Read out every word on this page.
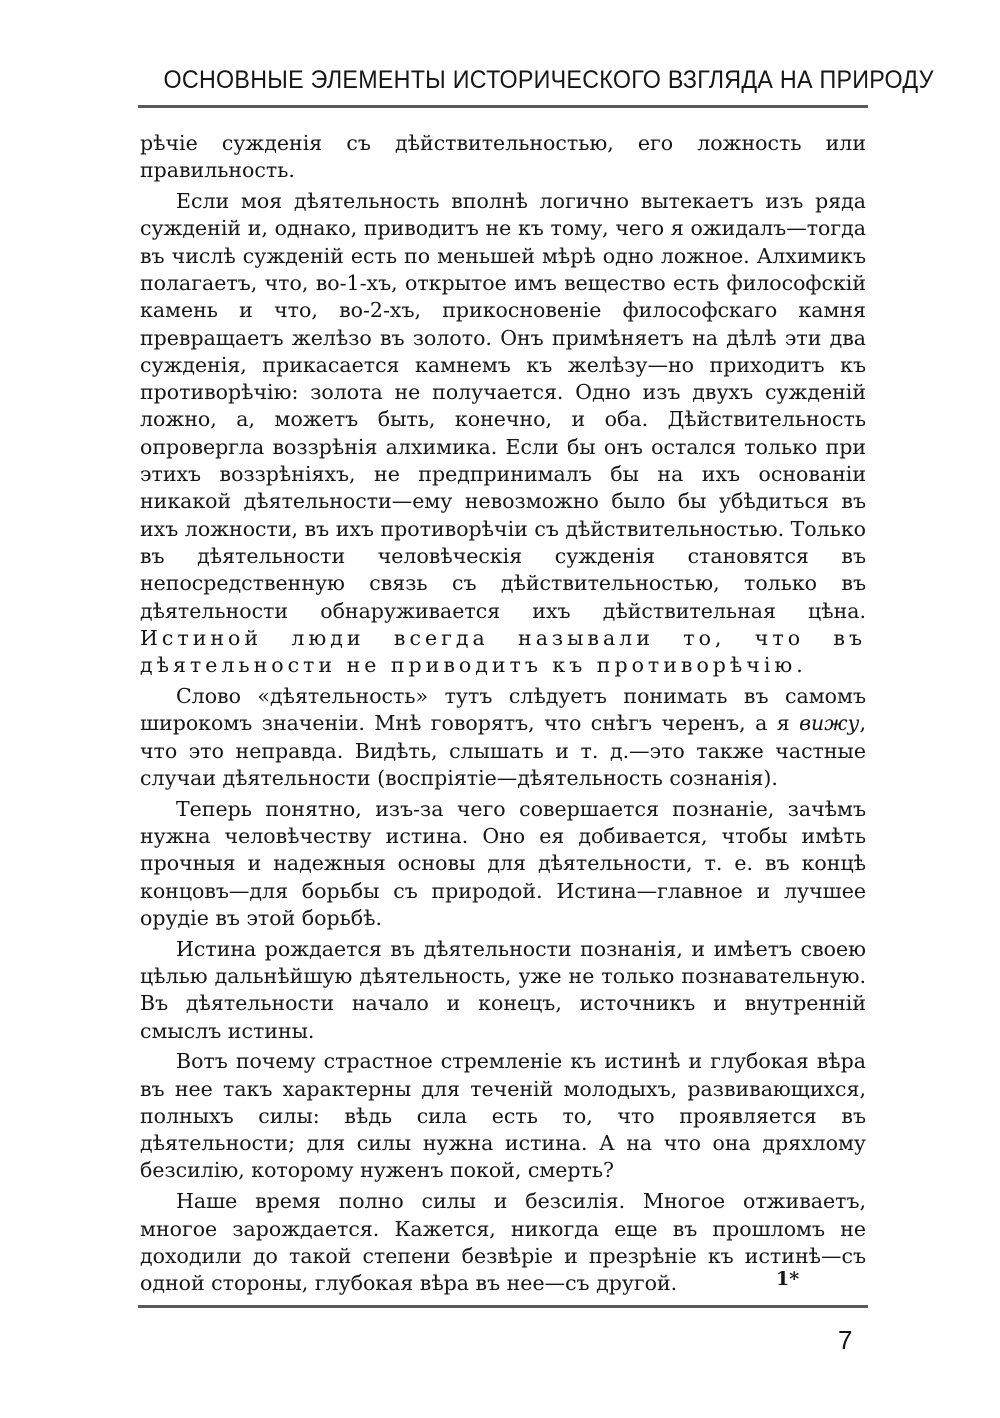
ОСНОВНЫЕ ЭЛЕМЕНТЫ ИСТОРИЧЕСКОГО ВЗГЛЯДА НА ПРИРОДУ

рѣчіе сужденія съ дѣйствительностью, его ложность или правильность.

Если моя дѣятельность вполнѣ логично вытекаетъ изъ ряда сужденій и, однако, приводитъ не къ тому, чего я ожидалъ—тогда въ числѣ сужденій есть по меньшей мѣрѣ одно ложное. Алхимикъ полагаетъ, что, во-1-хъ, открытое имъ вещество есть философскій камень и что, во-2-хъ, прикосновеніе философскаго камня превращаетъ желѣзо въ золото. Онъ примѣняетъ на дѣлѣ эти два сужденія, прикасается камнемъ къ желѣзу—но приходитъ къ противорѣчію: золота не получается. Одно изъ двухъ сужденій ложно, а, можетъ быть, конечно, и оба. Дѣйствительность опровергла воззрѣнія алхимика. Если бы онъ остался только при этихъ воззрѣніяхъ, не предпринималъ бы на ихъ основаніи никакой дѣятельности—ему невозможно было бы убѣдиться въ ихъ ложности, въ ихъ противорѣчіи съ дѣйствительностью. Только въ дѣятельности человѣческія сужденія становятся въ непосредственную связь съ дѣйствительностью, только въ дѣятельности обнаруживается ихъ дѣйствительная цѣна. Истиной люди всегда называли то, что въ дѣятельности не приводитъ къ противорѣчію.

Слово «дѣятельность» тутъ слѣдуетъ понимать въ самомъ широкомъ значеніи. Мнѣ говорятъ, что снѣгъ черенъ, а я вижу, что это неправда. Видѣть, слышать и т. д.—это также частные случаи дѣятельности (воспріятіе—дѣятельность сознанія).

Теперь понятно, изъ-за чего совершается познаніе, зачѣмъ нужна человѣчеству истина. Оно ея добивается, чтобы имѣть прочныя и надежныя основы для дѣятельности, т. е. въ концѣ концовъ—для борьбы съ природой. Истина—главное и лучшее орудіе въ этой борьбѣ.

Истина рождается въ дѣятельности познанія, и имѣетъ своею цѣлью дальнѣйшую дѣятельность, уже не только познавательную. Въ дѣятельности начало и конецъ, источникъ и внутренній смыслъ истины.

Вотъ почему страстное стремленіе къ истинѣ и глубокая вѣра въ нее такъ характерны для теченій молодыхъ, развивающихся, полныхъ силы: вѣдь сила есть то, что проявляется въ дѣятельности; для силы нужна истина. А на что она дряхлому безсилію, которому нуженъ покой, смерть?

Наше время полно силы и безсилія. Многое отживаетъ, многое зарождается. Кажется, никогда еще въ прошломъ не доходили до такой степени безвѣріе и презрѣніе къ истинѣ—съ одной стороны, глубокая вѣра въ нее—съ другой.	1*
7
